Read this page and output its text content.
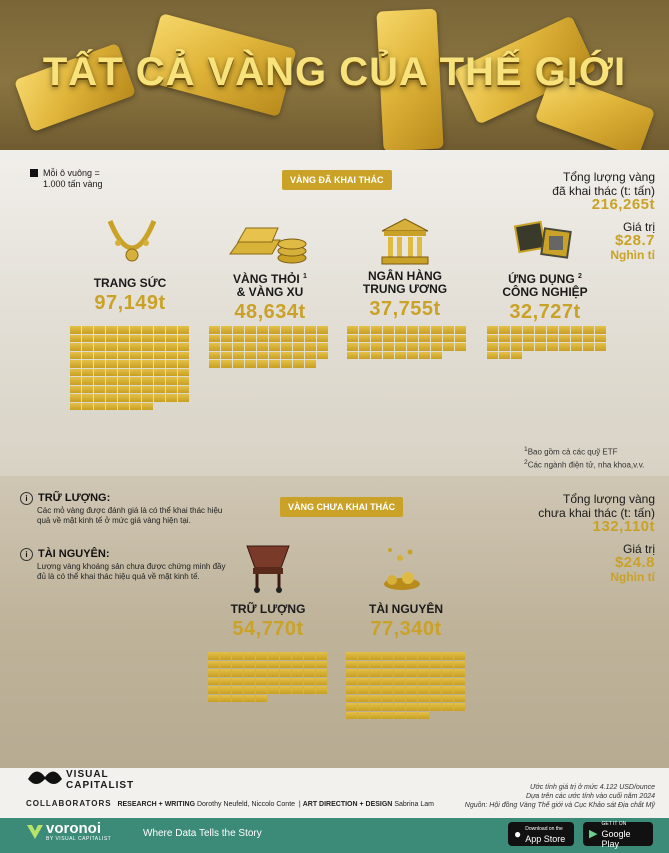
TẤT CẢ VÀNG CỦA THẾ GIỚI
Mỗi ô vuông =
1.000 tấn vàng	VÀNG ĐÃ KHAI THÁC	Tổng lượng vàng
đã khai thác (t: tấn)
216,265t
Giá trị
$28.7
Nghìn tỉ
TRANG SỨC
97,149t
VÀNG THỎI $^1$
& VÀNG XU
48,634t
NGÂN HÀNG
TRUNG ƯƠNG
37,755t
ỨNG DỤNG $^2$
CÔNG NGHIỆP
32,727t
$^1$Bao gồm cả các quỹ ETF
$^2$Các ngành điện tử, nha khoa,v.v.
i TRỮ LƯỢNG:
Các mỏ vàng được đánh giá là có thể khai thác hiệu quả về mặt kinh tế ở mức giá vàng hiện tại.
i TÀI NGUYÊN:
Lượng vàng khoáng sản chưa được chứng minh đầy đủ là có thể khai thác hiệu quả về mặt kinh tế.
VÀNG CHƯA KHAI THÁC
Tổng lượng vàng
chưa khai thác (t: tấn)
132,110t
Giá trị
$24.8
Nghìn tỉ
TRỮ LƯỢNG
54,770t
TÀI NGUYÊN
77,340t
VISUAL
CAPITALIST
COLLABORATORS RESEARCH + WRITING Dorothy Neufeld, Niccolo Conte  | ART DIRECTION + DESIGN Sabrina Lam
Ước tính giá trị ở mức 4.122 USD/ounce
Dựa trên các ước tính vào cuối năm 2024
Nguồn: Hội đồng Vàng Thế giới và Cục Khảo sát Địa chất Mỹ
voronoi
BY VISUAL CAPITALIST	Where Data Tells the Story	● Download on the
App Store ▶
GET IT ON
Google Play
